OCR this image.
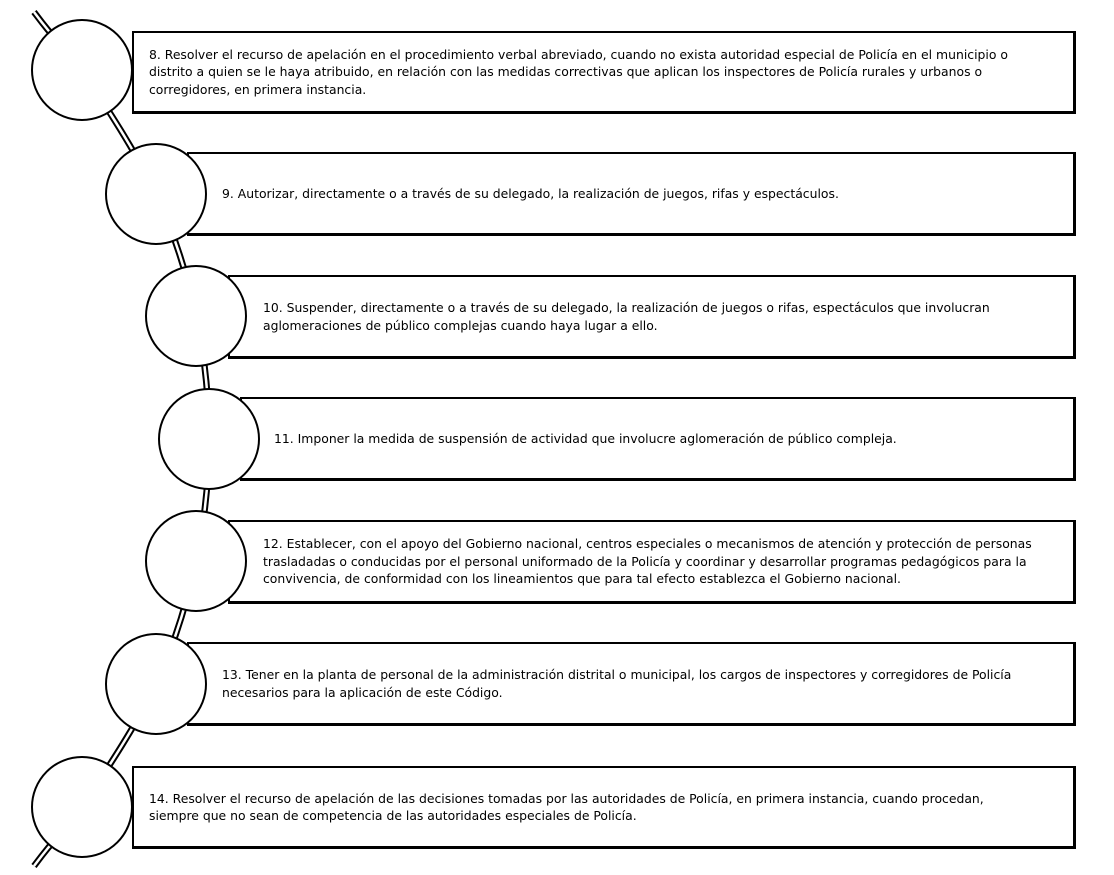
8. Resolver el recurso de apelación en el procedimiento verbal abreviado, cuando no exista autoridad especial de Policía en el municipio o
distrito a quien se le haya atribuido, en relación con las medidas correctivas que aplican los inspectores de Policía rurales y urbanos o
corregidores, en primera instancia.
9. Autorizar, directamente o a través de su delegado, la realización de juegos, rifas y espectáculos.
10. Suspender, directamente o a través de su delegado, la realización de juegos o rifas, espectáculos que involucran
aglomeraciones de público complejas cuando haya lugar a ello.
11. Imponer la medida de suspensión de actividad que involucre aglomeración de público compleja.
12. Establecer, con el apoyo del Gobierno nacional, centros especiales o mecanismos de atención y protección de personas
trasladadas o conducidas por el personal uniformado de la Policía y coordinar y desarrollar programas pedagógicos para la
convivencia, de conformidad con los lineamientos que para tal efecto establezca el Gobierno nacional.
13. Tener en la planta de personal de la administración distrital o municipal, los cargos de inspectores y corregidores de Policía
necesarios para la aplicación de este Código.
14. Resolver el recurso de apelación de las decisiones tomadas por las autoridades de Policía, en primera instancia, cuando procedan,
siempre que no sean de competencia de las autoridades especiales de Policía.
